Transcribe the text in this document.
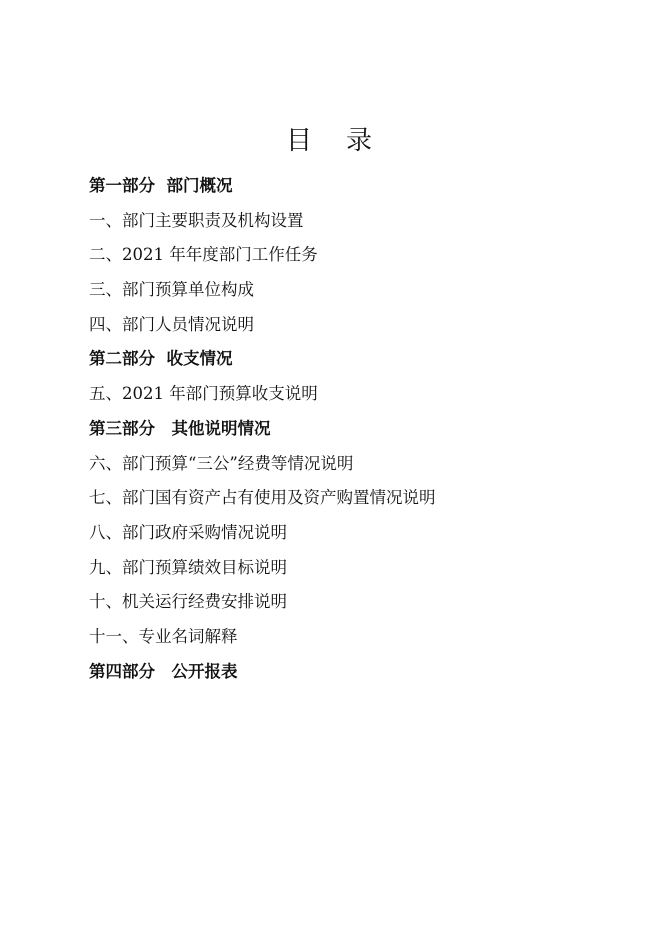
目　录
第一部分  部门概况
一、部门主要职责及机构设置
二、2021 年年度部门工作任务
三、部门预算单位构成
四、部门人员情况说明
第二部分  收支情况
五、2021 年部门预算收支说明
第三部分　其他说明情况
六、部门预算“三公”经费等情况说明
七、部门国有资产占有使用及资产购置情况说明
八、部门政府采购情况说明
九、部门预算绩效目标说明
十、机关运行经费安排说明
十一、专业名词解释
第四部分　公开报表
